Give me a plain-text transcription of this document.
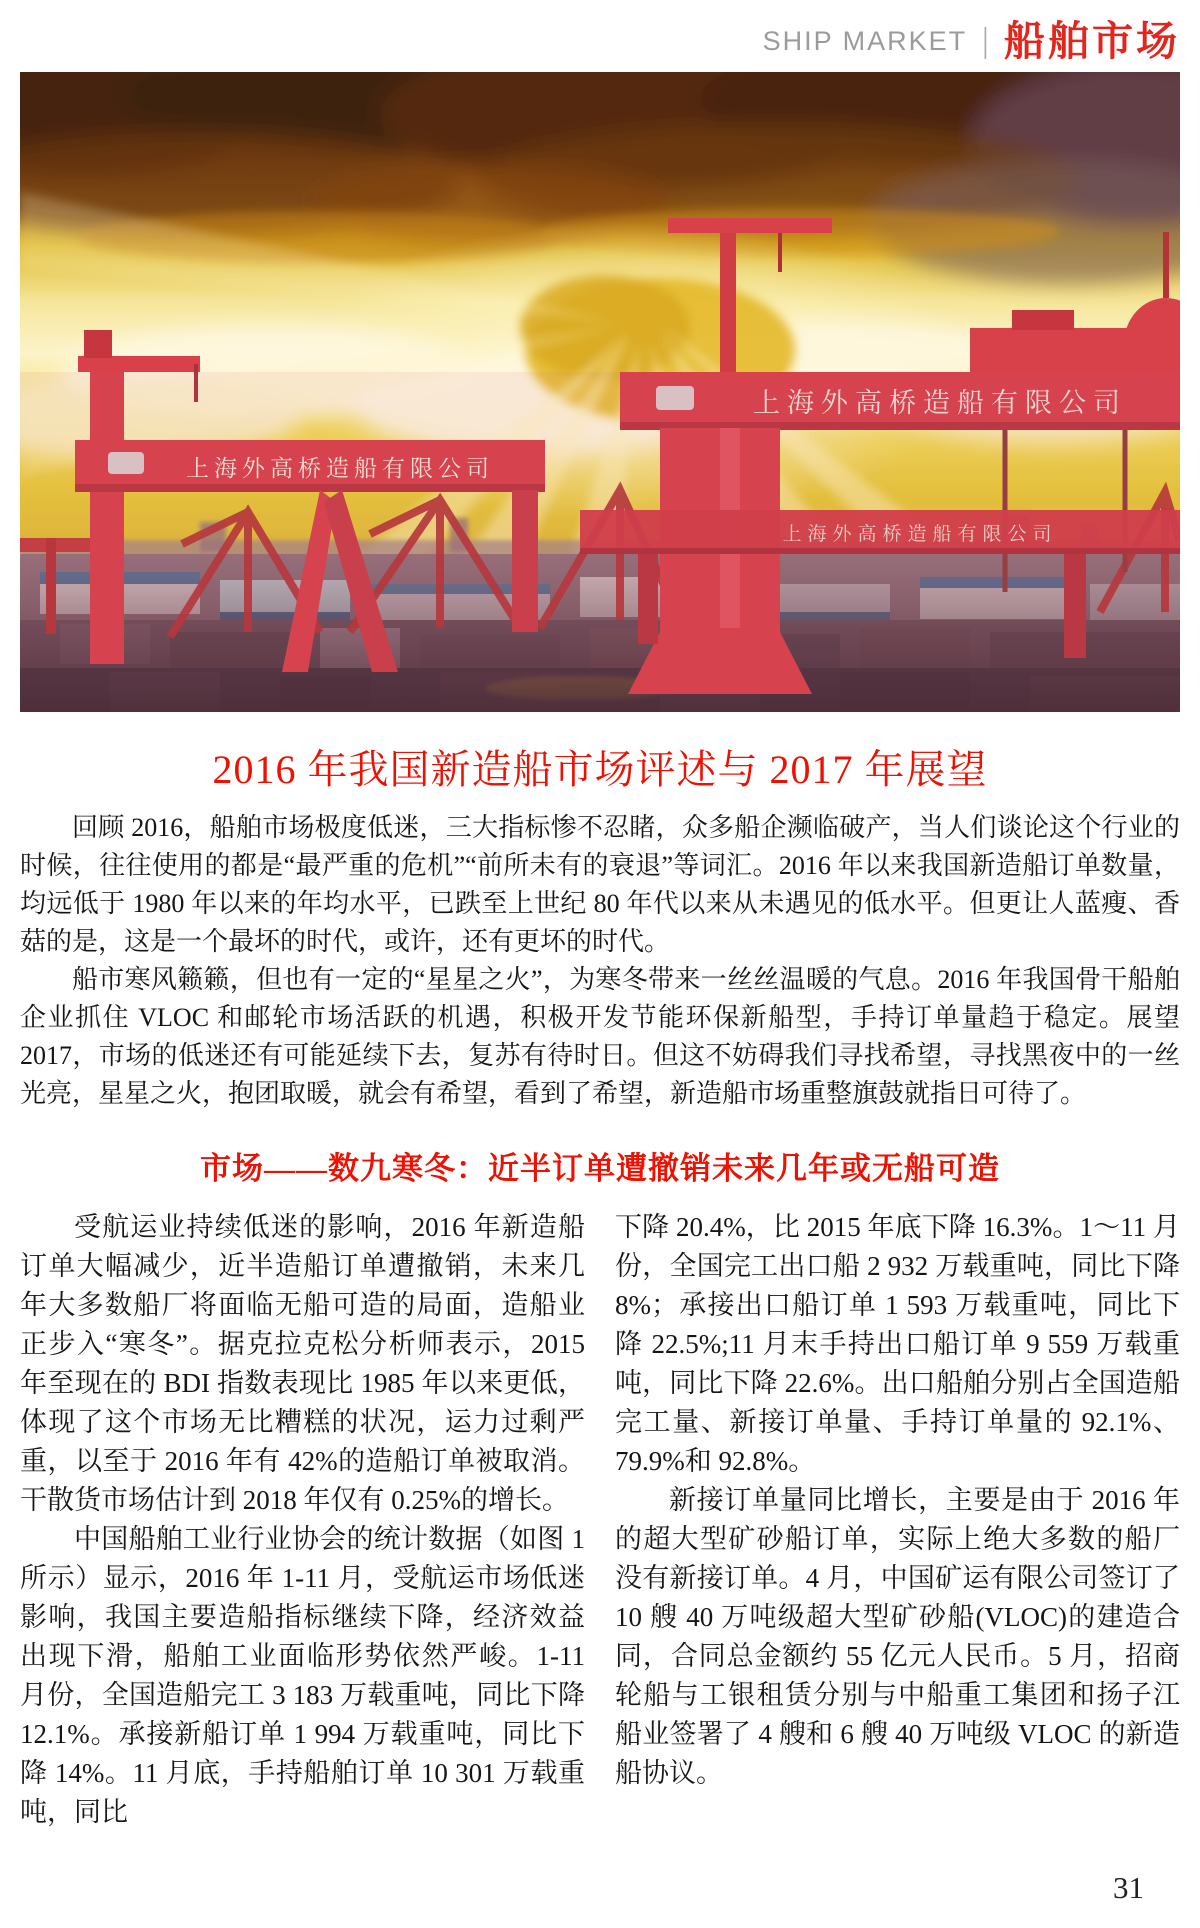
SHIP MARKET | 船舶市场
上海外高桥造船有限公司
上海外高桥造船有限公司
上海外高桥造船有限公司
2016 年我国新造船市场评述与 2017 年展望

回顾 2016，船舶市场极度低迷，三大指标惨不忍睹，众多船企濒临破产，当人们谈论这个行业的时候，往往使用的都是“最严重的危机”“前所未有的衰退”等词汇。2016 年以来我国新造船订单数量，均远低于 1980 年以来的年均水平，已跌至上世纪 80 年代以来从未遇见的低水平。但更让人蓝瘦、香菇的是，这是一个最坏的时代，或许，还有更坏的时代。

船市寒风籁籁，但也有一定的“星星之火”，为寒冬带来一丝丝温暖的气息。2016 年我国骨干船舶企业抓住 VLOC 和邮轮市场活跃的机遇，积极开发节能环保新船型，手持订单量趋于稳定。展望 2017，市场的低迷还有可能延续下去，复苏有待时日。但这不妨碍我们寻找希望，寻找黑夜中的一丝光亮，星星之火，抱团取暖，就会有希望，看到了希望，新造船市场重整旗鼓就指日可待了。

市场——数九寒冬：近半订单遭撤销未来几年或无船可造

受航运业持续低迷的影响，2016 年新造船订单大幅减少，近半造船订单遭撤销，未来几年大多数船厂将面临无船可造的局面，造船业正步入“寒冬”。据克拉克松分析师表示，2015 年至现在的 BDI 指数表现比 1985 年以来更低，体现了这个市场无比糟糕的状况，运力过剩严重，以至于 2016 年有 42%的造船订单被取消。干散货市场估计到 2018 年仅有 0.25%的增长。

中国船舶工业行业协会的统计数据（如图 1 所示）显示，2016 年 1-11 月，受航运市场低迷影响，我国主要造船指标继续下降，经济效益出现下滑，船舶工业面临形势依然严峻。1-11 月份，全国造船完工 3 183 万载重吨，同比下降 12.1%。承接新船订单 1 994 万载重吨，同比下降 14%。11 月底，手持船舶订单 10 301 万载重吨，同比

下降 20.4%，比 2015 年底下降 16.3%。1～11 月份，全国完工出口船 2 932 万载重吨，同比下降 8%；承接出口船订单 1 593 万载重吨，同比下降 22.5%;11 月末手持出口船订单 9 559 万载重吨，同比下降 22.6%。出口船舶分别占全国造船完工量、新接订单量、手持订单量的 92.1%、79.9%和 92.8%。

新接订单量同比增长，主要是由于 2016 年的超大型矿砂船订单，实际上绝大多数的船厂没有新接订单。4 月，中国矿运有限公司签订了 10 艘 40 万吨级超大型矿砂船(VLOC)的建造合同，合同总金额约 55 亿元人民币。5 月，招商轮船与工银租赁分别与中船重工集团和扬子江船业签署了 4 艘和 6 艘 40 万吨级 VLOC 的新造船协议。

31
